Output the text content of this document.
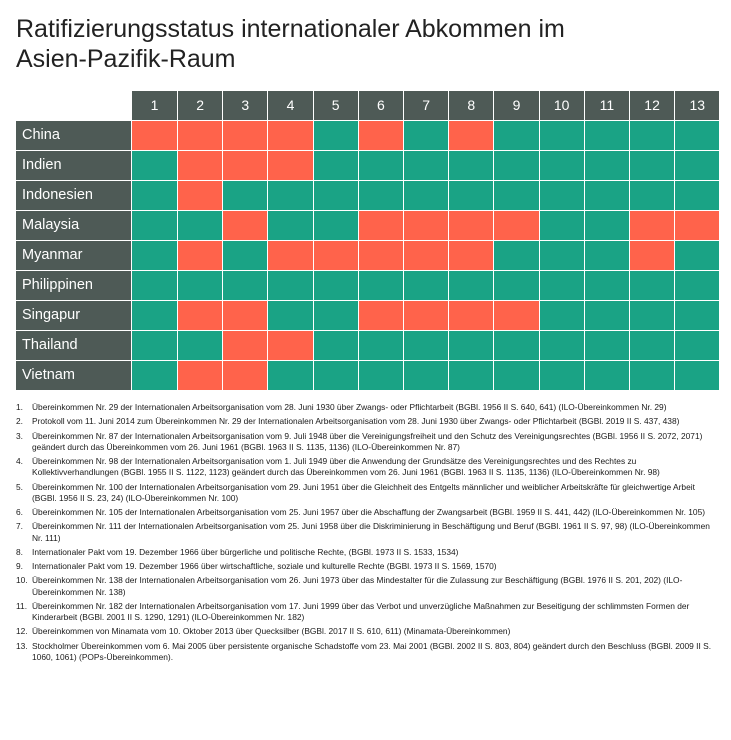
Ratifizierungsstatus internationaler Abkommen im
Asien-Pazifik-Raum
1	2	3	4	5	6	7	8	9	10	11	12	13
China
Indien
Indonesien
Malaysia
Myanmar
Philippinen
Singapur
Thailand
Vietnam
1. Übereinkommen Nr. 29 der Internationalen Arbeitsorganisation vom 28. Juni 1930 über Zwangs- oder Pflichtarbeit (BGBl. 1956 II S. 640, 641) (ILO-Übereinkommen Nr. 29)
2. Protokoll vom 11. Juni 2014 zum Übereinkommen Nr. 29 der Internationalen Arbeitsorganisation vom 28. Juni 1930 über Zwangs- oder Pflichtarbeit (BGBl. 2019 II S. 437, 438)
3. Übereinkommen Nr. 87 der Internationalen Arbeitsorganisation vom 9. Juli 1948 über die Vereinigungsfreiheit und den Schutz des Vereinigungsrechtes (BGBl. 1956 II S. 2072, 2071) geändert durch das Übereinkommen vom 26. Juni 1961 (BGBl. 1963 II S. 1135, 1136) (ILO-Übereinkommen Nr. 87)
4. Übereinkommen Nr. 98 der Internationalen Arbeitsorganisation vom 1. Juli 1949 über die Anwendung der Grundsätze des Vereinigungsrechtes und des Rechtes zu Kollektivverhandlungen (BGBl. 1955 II S. 1122, 1123) geändert durch das Übereinkommen vom 26. Juni 1961 (BGBl. 1963 II S. 1135, 1136) (ILO-Übereinkommen Nr. 98)
5. Übereinkommen Nr. 100 der Internationalen Arbeitsorganisation vom 29. Juni 1951 über die Gleichheit des Entgelts männlicher und weiblicher Arbeitskräfte für gleichwertige Arbeit (BGBl. 1956 II S. 23, 24) (ILO-Übereinkommen Nr. 100)
6. Übereinkommen Nr. 105 der Internationalen Arbeitsorganisation vom 25. Juni 1957 über die Abschaffung der Zwangsarbeit (BGBl. 1959 II S. 441, 442) (ILO-Übereinkommen Nr. 105)
7. Übereinkommen Nr. 111 der Internationalen Arbeitsorganisation vom 25. Juni 1958 über die Diskriminierung in Beschäftigung und Beruf (BGBl. 1961 II S. 97, 98) (ILO-Übereinkommen Nr. 111)
8. Internationaler Pakt vom 19. Dezember 1966 über bürgerliche und politische Rechte, (BGBl. 1973 II S. 1533, 1534)
9. Internationaler Pakt vom 19. Dezember 1966 über wirtschaftliche, soziale und kulturelle Rechte (BGBl. 1973 II S. 1569, 1570)
10. Übereinkommen Nr. 138 der Internationalen Arbeitsorganisation vom 26. Juni 1973 über das Mindestalter für die Zulassung zur Beschäftigung (BGBl. 1976 II S. 201, 202) (ILO-Übereinkommen Nr. 138)
11. Übereinkommen Nr. 182 der Internationalen Arbeitsorganisation vom 17. Juni 1999 über das Verbot und unverzügliche Maßnahmen zur Beseitigung der schlimmsten Formen der Kinderarbeit (BGBl. 2001 II S. 1290, 1291) (ILO-Übereinkommen Nr. 182)
12. Übereinkommen von Minamata vom 10. Oktober 2013 über Quecksilber (BGBl. 2017 II S. 610, 611) (Minamata-Übereinkommen)
13. Stockholmer Übereinkommen vom 6. Mai 2005 über persistente organische Schadstoffe vom 23. Mai 2001 (BGBl. 2002 II S. 803, 804) geändert durch den Beschluss (BGBl. 2009 II S. 1060, 1061) (POPs-Übereinkommen).
